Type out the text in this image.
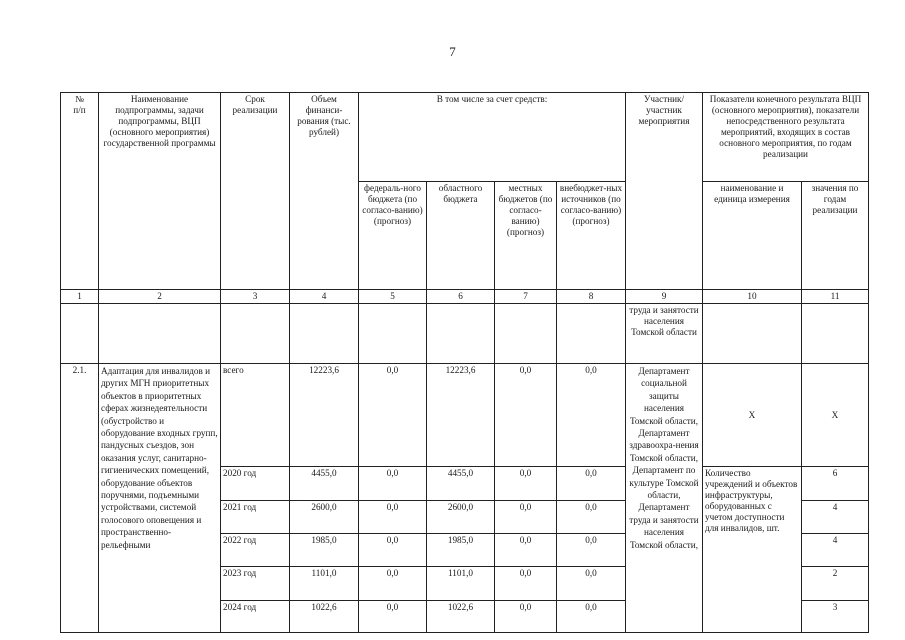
7
№
п/п	Наименование подпрограммы, задачи подпрограммы, ВЦП (основного мероприятия) государственной программы	Срок реализации	Объем финанси-рования (тыс. рублей)	В том числе за счет средств:				Участник/ участник мероприятия	Показатели конечного результата ВЦП (основного мероприятия), показатели непосредственного результата мероприятий, входящих в состав основного мероприятия, по годам реализации	
				федераль-ного бюджета (по согласо-ванию) (прогноз)	областного бюджета	местных бюджетов (по согласо-ванию) (прогноз)	внебюджет-ных источников (по согласо-ванию) (прогноз)		наименование и единица измерения	значения по годам реализации
1	2	3	4	5	6	7	8	9	10	11
								труда и занятости населения Томской области		
2.1.	Адаптация для инвалидов и других МГН приоритетных объектов в приоритетных сферах жизнедеятельности (обустройство и оборудование входных групп, пандусных съездов, зон оказания услуг, санитарно-гигиенических помещений, оборудование объектов поручнями, подъемными устройствами, системой голосового оповещения и пространственно-рельефными	всего	12223,6	0,0	12223,6	0,0	0,0	Департамент социальной защиты населения Томской области, Департамент здравоохра-нения Томской области, Департамент по культуре Томской области, Департамент труда и занятости населения Томской области,	Х	Х
		2020 год	4455,0	0,0	4455,0	0,0	0,0		Количество учреждений и объектов инфраструктуры, оборудованных с учетом доступности для инвалидов, шт.	6
		2021 год	2600,0	0,0	2600,0	0,0	0,0			4
		2022 год	1985,0	0,0	1985,0	0,0	0,0			4
		2023 год	1101,0	0,0	1101,0	0,0	0,0			2
		2024 год	1022,6	0,0	1022,6	0,0	0,0			3
